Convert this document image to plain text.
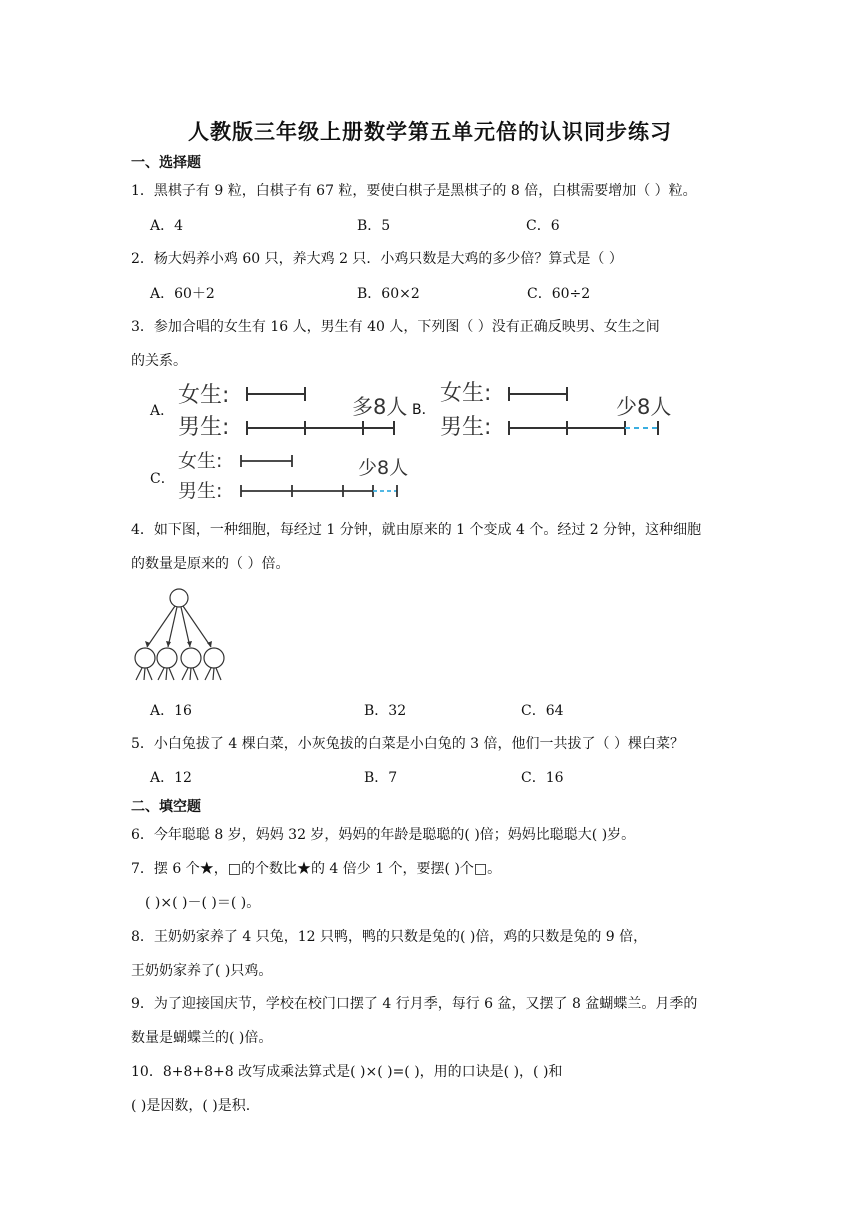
人教版三年级上册数学第五单元倍的认识同步练习
一、选择题
1．黑棋子有 9 粒，白棋子有 67 粒，要使白棋子是黑棋子的 8 倍，白棋需要增加（ ）粒。
A．4	B．5	C．6
2．杨大妈养小鸡 60 只，养大鸡 2 只．小鸡只数是大鸡的多少倍？算式是（ ）
A．60＋2	B．60×2	C．60÷2
3．参加合唱的女生有 16 人，男生有 40 人，下列图（ ）没有正确反映男、女生之间
的关系。
A．
C．
女生:
男生:
多8人 B．
女生:
男生:
少8人
女生:
男生:
少8人
4．如下图，一种细胞，每经过 1 分钟，就由原来的 1 个变成 4 个。经过 2 分钟，这种细胞
的数量是原来的（ ）倍。
A．16	B．32	C．64
5．小白兔拔了 4 棵白菜，小灰兔拔的白菜是小白兔的 3 倍，他们一共拔了（ ）棵白菜？
A．12	B．7	C．16
二、填空题
6．今年聪聪 8 岁，妈妈 32 岁，妈妈的年龄是聪聪的( )倍；妈妈比聪聪大( )岁。
7．摆 6 个★，□的个数比★的 4 倍少 1 个，要摆( )个□。
( )×( )－( )＝( )。
8．王奶奶家养了 4 只兔，12 只鸭，鸭的只数是兔的( )倍，鸡的只数是兔的 9 倍，
王奶奶家养了( )只鸡。
9．为了迎接国庆节，学校在校门口摆了 4 行月季，每行 6 盆，又摆了 8 盆蝴蝶兰。月季的
数量是蝴蝶兰的( )倍。
10．8+8+8+8 改写成乘法算式是( )×( )=( )，用的口诀是( )，( )和
( )是因数，( )是积.
